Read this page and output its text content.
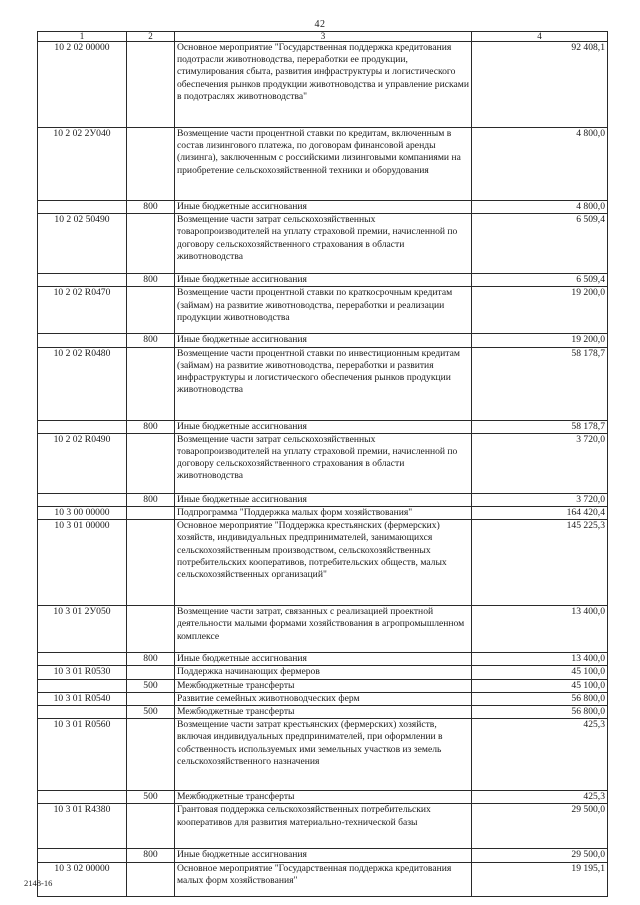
42
1	2	3	4
10 2 02 00000		Основное мероприятие "Государственная поддержка кредитования подотрасли животноводства, переработки ее продукции, стимулирования сбыта, развития инфраструктуры и логистического обеспечения рынков продукции животноводства и управление рисками в подотраслях животноводства"	92 408,1
10 2 02 2У040		Возмещение части процентной ставки по кредитам, включенным в состав лизингового платежа, по договорам финансовой аренды (лизинга), заключенным с российскими лизинговыми компаниями на приобретение сельскохозяйственной техники и оборудования	4 800,0
	800	Иные бюджетные ассигнования	4 800,0
10 2 02 50490		Возмещение части затрат сельскохозяйственных товаропроизводителей на уплату страховой премии, начисленной по договору сельскохозяйственного страхования в области животноводства	6 509,4
	800	Иные бюджетные ассигнования	6 509,4
10 2 02 R0470		Возмещение части процентной ставки по краткосрочным кредитам (займам) на развитие животноводства, переработки и реализации продукции животноводства	19 200,0
	800	Иные бюджетные ассигнования	19 200,0
10 2 02 R0480		Возмещение части процентной ставки по инвестиционным кредитам (займам) на развитие животноводства, переработки и развития инфраструктуры и логистического обеспечения рынков продукции животноводства	58 178,7
	800	Иные бюджетные ассигнования	58 178,7
10 2 02 R0490		Возмещение части затрат сельскохозяйственных товаропроизводителей на уплату страховой премии, начисленной по договору сельскохозяйственного страхования в области животноводства	3 720,0
	800	Иные бюджетные ассигнования	3 720,0
10 3 00 00000		Подпрограмма "Поддержка малых форм хозяйствования"	164 420,4
10 3 01 00000		Основное мероприятие "Поддержка крестьянских (фермерских) хозяйств, индивидуальных предпринимателей, занимающихся сельскохозяйственным производством, сельскохозяйственных потребительских кооперативов, потребительских обществ, малых сельскохозяйственных организаций"	145 225,3
10 3 01 2У050		Возмещение части затрат, связанных с реализацией проектной деятельности малыми формами хозяйствования в агропромышленном комплексе	13 400,0
	800	Иные бюджетные ассигнования	13 400,0
10 3 01 R0530		Поддержка начинающих фермеров	45 100,0
	500	Межбюджетные трансферты	45 100,0
10 3 01 R0540		Развитие семейных животноводческих ферм	56 800,0
	500	Межбюджетные трансферты	56 800,0
10 3 01 R0560		Возмещение части затрат крестьянских (фермерских) хозяйств, включая индивидуальных предпринимателей, при оформлении в собственность используемых ими земельных участков из земель сельскохозяйственного назначения	425,3
	500	Межбюджетные трансферты	425,3
10 3 01 R4380		Грантовая поддержка сельскохозяйственных потребительских кооперативов для развития материально-технической базы	29 500,0
	800	Иные бюджетные ассигнования	29 500,0
10 3 02 00000		Основное мероприятие "Государственная поддержка кредитования малых форм хозяйствования"	19 195,1
2148-16
